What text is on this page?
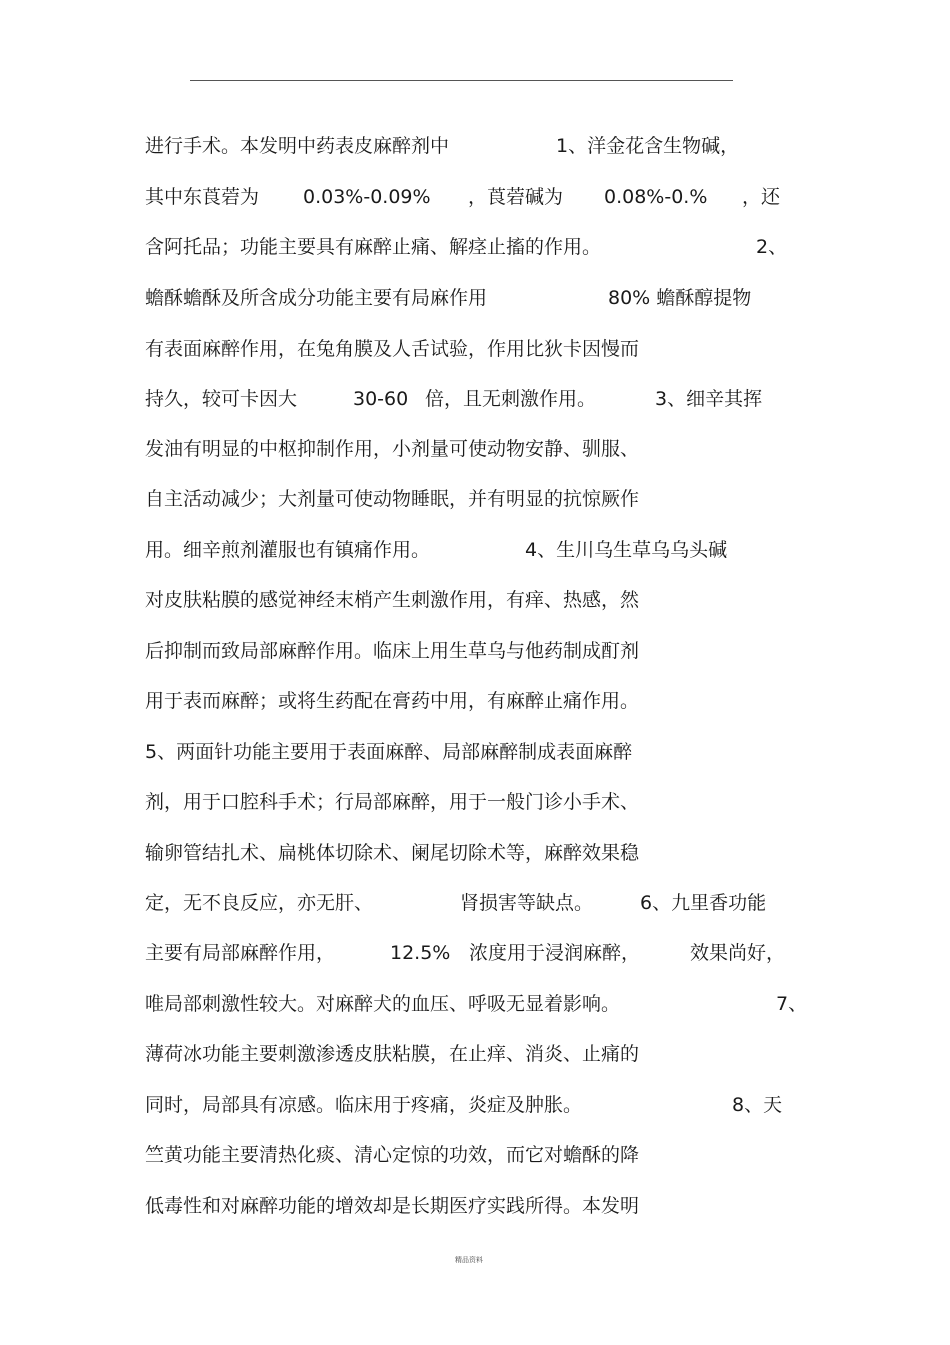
进行手术。本发明中药表皮麻醉剂中

	1、洋金花含生物碱，

其中东莨菪为

0.03%-0.09%

，莨菪碱为

0.08%-0.%

，还

含阿托品；功能主要具有麻醉止痛、解痉止搐的作用。

	2、

蟾酥蟾酥及所含成分功能主要有局麻作用

	80% 蟾酥醇提物

有表面麻醉作用，在兔角膜及人舌试验，作用比狄卡因慢而

持久，较可卡因大

	30-60

倍，且无刺激作用。

	3、细辛其挥

发油有明显的中枢抑制作用，小剂量可使动物安静、驯服、

自主活动减少；大剂量可使动物睡眠，并有明显的抗惊厥作

用。细辛煎剂灌服也有镇痛作用。

	4、生川乌生草乌乌头碱

对皮肤粘膜的感觉神经末梢产生刺激作用，有痒、热感，然

后抑制而致局部麻醉作用。临床上用生草乌与他药制成酊剂

用于表而麻醉；或将生药配在膏药中用，有麻醉止痛作用。

5、两面针功能主要用于表面麻醉、局部麻醉制成表面麻醉

剂，用于口腔科手术；行局部麻醉，用于一般门诊小手术、

输卵管结扎术、扁桃体切除术、阑尾切除术等，麻醉效果稳

定，无不良反应，亦无肝、

	肾损害等缺点。

6、九里香功能

主要有局部麻醉作用，

	12.5%

浓度用于浸润麻醉，

	效果尚好，

唯局部刺激性较大。对麻醉犬的血压、呼吸无显着影响。

	7、

薄荷冰功能主要刺激渗透皮肤粘膜，在止痒、消炎、止痛的

同时，局部具有凉感。临床用于疼痛，炎症及肿胀。

	8、天

竺黄功能主要清热化痰、清心定惊的功效，而它对蟾酥的降

低毒性和对麻醉功能的增效却是长期医疗实践所得。本发明

精品资料
